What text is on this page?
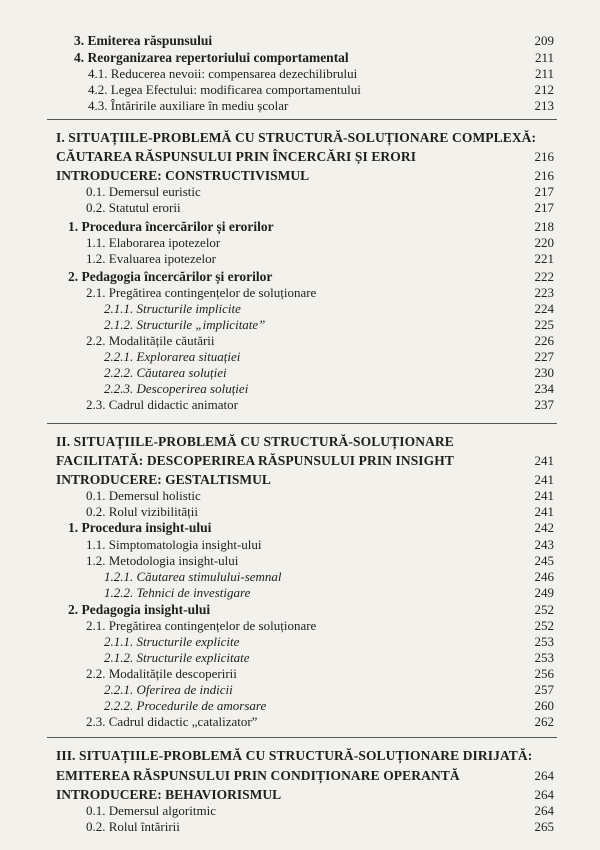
3. Emiterea răspunsului	209
4. Reorganizarea repertoriului comportamental	211
4.1. Reducerea nevoii: compensarea dezechilibrului	211
4.2. Legea Efectului: modificarea comportamentului	212
4.3. Întăririle auxiliare în mediu școlar	213
I. SITUAȚIILE-PROBLEMĂ CU STRUCTURĂ-SOLUȚIONARE COMPLEXĂ:
CĂUTAREA RĂSPUNSULUI PRIN ÎNCERCĂRI ȘI ERORI	216
INTRODUCERE: CONSTRUCTIVISMUL	216
0.1. Demersul euristic	217
0.2. Statutul erorii	217
1. Procedura încercărilor și erorilor	218
1.1. Elaborarea ipotezelor	220
1.2. Evaluarea ipotezelor	221
2. Pedagogia încercărilor și erorilor	222
2.1. Pregătirea contingențelor de soluționare	223
2.1.1. Structurile implicite	224
2.1.2. Structurile „implicitate”	225
2.2. Modalitățile căutării	226
2.2.1. Explorarea situației	227
2.2.2. Căutarea soluției	230
2.2.3. Descoperirea soluției	234
2.3. Cadrul didactic animator	237
II. SITUAȚIILE-PROBLEMĂ CU STRUCTURĂ-SOLUȚIONARE
FACILITATĂ: DESCOPERIREA RĂSPUNSULUI PRIN INSIGHT	241
INTRODUCERE: GESTALTISMUL	241
0.1. Demersul holistic	241
0.2. Rolul vizibilității	241
1. Procedura insight-ului	242
1.1. Simptomatologia insight-ului	243
1.2. Metodologia insight-ului	245
1.2.1. Căutarea stimulului-semnal	246
1.2.2. Tehnici de investigare	249
2. Pedagogia insight-ului	252
2.1. Pregătirea contingențelor de soluționare	252
2.1.1. Structurile explicite	253
2.1.2. Structurile explicitate	253
2.2. Modalitățile descoperirii	256
2.2.1. Oferirea de indicii	257
2.2.2. Procedurile de amorsare	260
2.3. Cadrul didactic „catalizator”	262
III. SITUAȚIILE-PROBLEMĂ CU STRUCTURĂ-SOLUȚIONARE DIRIJATĂ:
EMITEREA RĂSPUNSULUI PRIN CONDIȚIONARE OPERANTĂ	264
INTRODUCERE: BEHAVIORISMUL	264
0.1. Demersul algoritmic	264
0.2. Rolul întăririi	265
